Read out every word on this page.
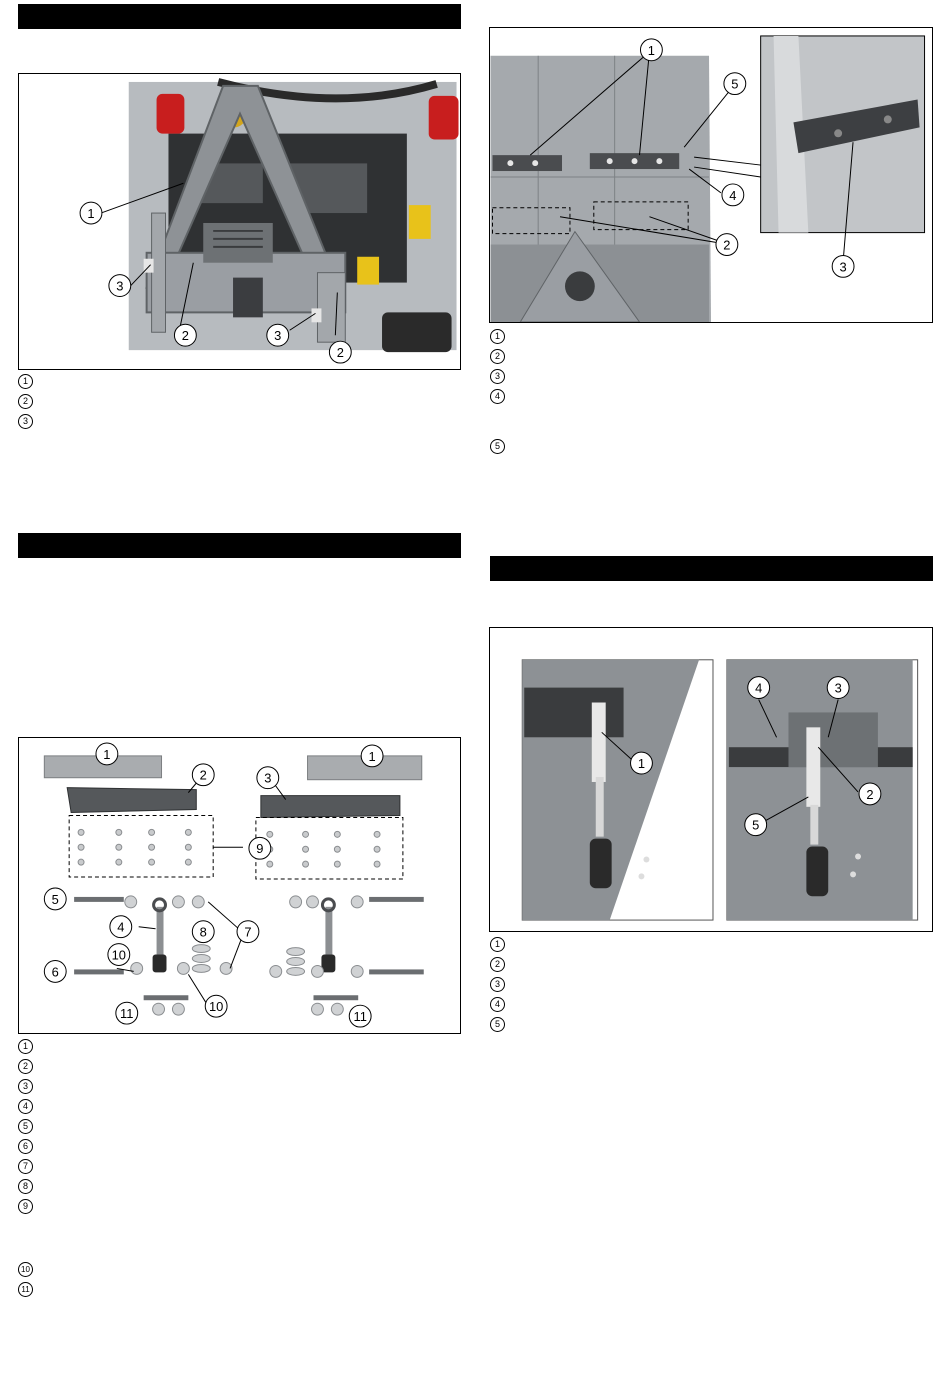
1
2
2
3
3
1
2
3
1	1
2	3
4
5
6
7
8
9
10
10
11	11
1
2
3
4
5
6
7
8
9
10
11
1
2
3
4
5
1
2
3
4
5
1
2
3
4
5
1
2
3
4
5
